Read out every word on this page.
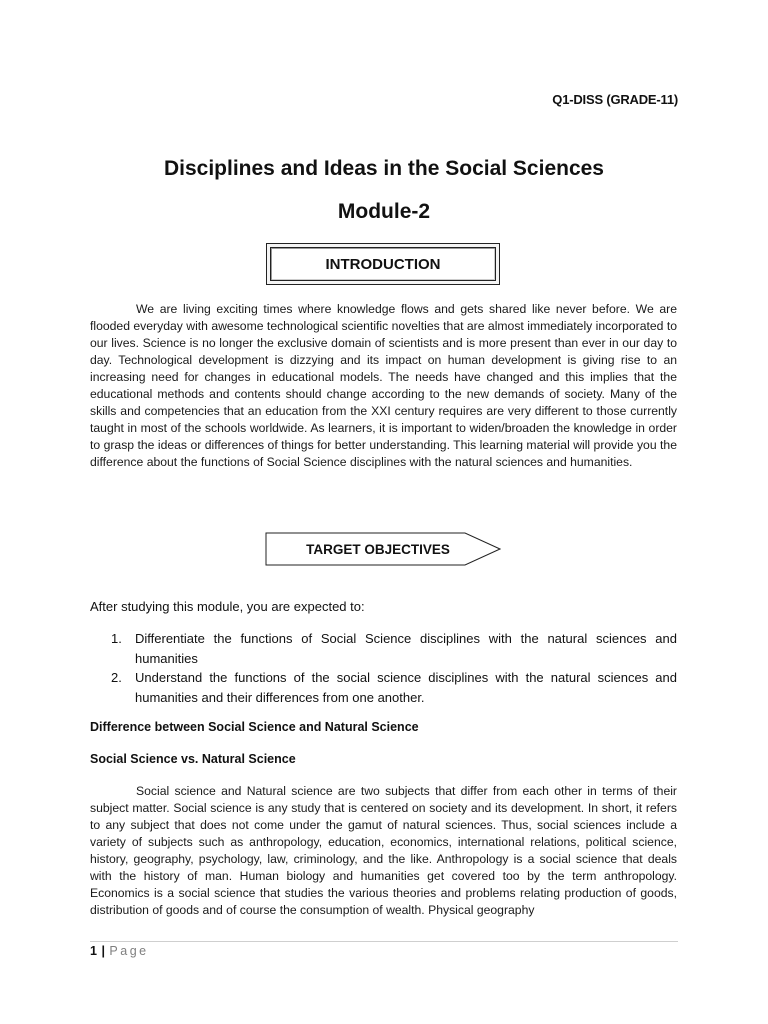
Q1-DISS (GRADE-11)
Disciplines and Ideas in the Social Sciences
Module-2
INTRODUCTION
We are living exciting times where knowledge flows and gets shared like never before. We are flooded everyday with awesome technological scientific novelties that are almost immediately incorporated to our lives. Science is no longer the exclusive domain of scientists and is more present than ever in our day to day. Technological development is dizzying and its impact on human development is giving rise to an increasing need for changes in educational models. The needs have changed and this implies that the educational methods and contents should change according to the new demands of society. Many of the skills and competencies that an education from the XXI century requires are very different to those currently taught in most of the schools worldwide. As learners, it is important to widen/broaden the knowledge in order to grasp the ideas or differences of things for better understanding. This learning material will provide you the difference about the functions of Social Science disciplines with the natural sciences and humanities.
TARGET OBJECTIVES
After studying this module, you are expected to:
1. Differentiate the functions of Social Science disciplines with the natural sciences and humanities
2. Understand the functions of the social science disciplines with the natural sciences and humanities and their differences from one another.
Difference between Social Science and Natural Science
Social Science vs. Natural Science
Social science and Natural science are two subjects that differ from each other in terms of their subject matter. Social science is any study that is centered on society and its development. In short, it refers to any subject that does not come under the gamut of natural sciences. Thus, social sciences include a variety of subjects such as anthropology, education, economics, international relations, political science, history, geography, psychology, law, criminology, and the like. Anthropology is a social science that deals with the history of man. Human biology and humanities get covered too by the term anthropology. Economics is a social science that studies the various theories and problems relating production of goods, distribution of goods and of course the consumption of wealth. Physical geography
1 | Page
